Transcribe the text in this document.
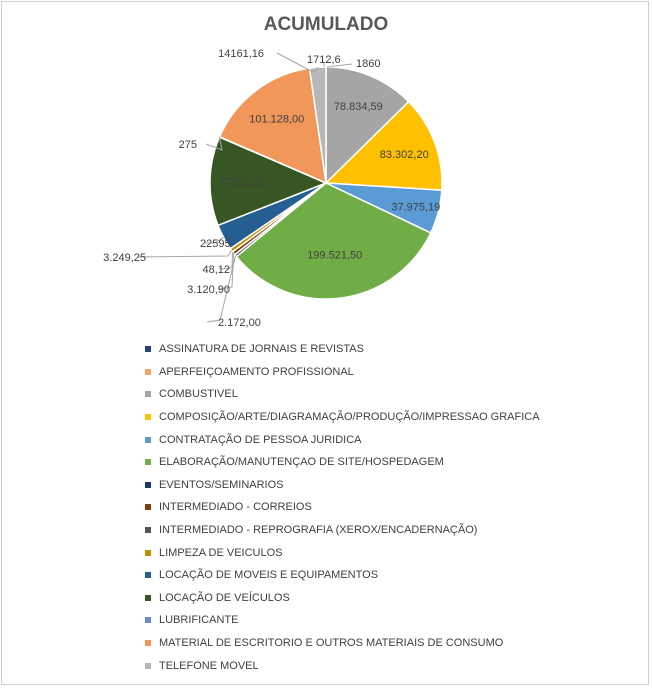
ACUMULADO
78.834,59
83.302,20
37.975,19
199.521,50
77501,31
101.128,00
2.172,00
3.120,90
48,12
3.249,25
22595
275
14161,16	1712,6 1860
ASSINATURA DE JORNAIS E REVISTAS
APERFEIÇOAMENTO PROFISSIONAL
COMBUSTIVEL
COMPOSIÇÃO/ARTE/DIAGRAMAÇÃO/PRODUÇÃO/IMPRESSAO GRAFICA
CONTRATAÇÃO DE PESSOA JURIDICA
ELABORAÇÃO/MANUTENÇAO DE SITE/HOSPEDAGEM
EVENTOS/SEMINARIOS
INTERMEDIADO - CORREIOS
INTERMEDIADO - REPROGRAFIA (XEROX/ENCADERNAÇÃO)
LIMPEZA DE VEICULOS
LOCAÇÃO DE MOVEIS E EQUIPAMENTOS
LOCAÇÃO DE VEÍCULOS
LUBRIFICANTE
MATERIAL DE ESCRITORIO E OUTROS MATERIAIS DE CONSUMO
TELEFONE MOVEL
